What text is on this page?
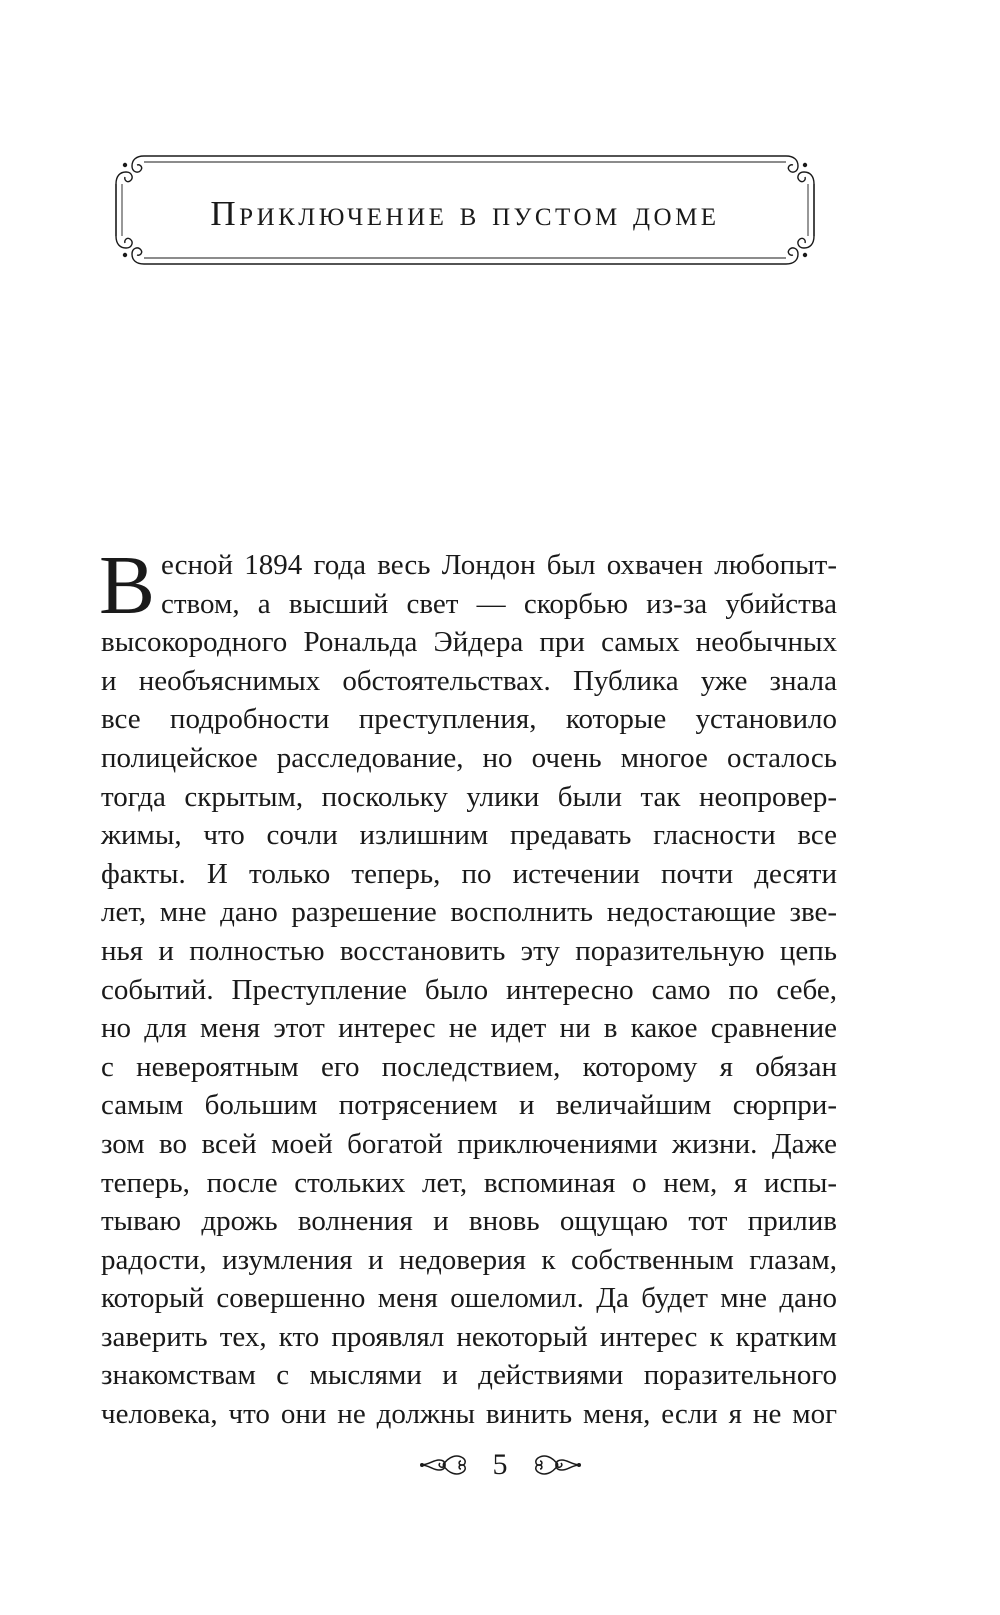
Приключение в пустом доме
В есной 1894 года весь Лондон был охвачен любопыт-
ством, а высший свет — скорбью из-за убийства
высокородного Рональда Эйдера при самых необычных
и необъяснимых обстоятельствах. Публика уже знала
все подробности преступления, которые установило
полицейское расследование, но очень многое осталось
тогда скрытым, поскольку улики были так неопровер-
жимы, что сочли излишним предавать гласности все
факты. И только теперь, по истечении почти десяти
лет, мне дано разрешение восполнить недостающие зве-
нья и полностью восстановить эту поразительную цепь
событий. Преступление было интересно само по себе,
но для меня этот интерес не идет ни в какое сравнение
с невероятным его последствием, которому я обязан
самым большим потрясением и величайшим сюрпри-
зом во всей моей богатой приключениями жизни. Даже
теперь, после стольких лет, вспоминая о нем, я испы-
тываю дрожь волнения и вновь ощущаю тот прилив
радости, изумления и недоверия к собственным глазам,
который совершенно меня ошеломил. Да будет мне дано
заверить тех, кто проявлял некоторый интерес к кратким
знакомствам с мыслями и действиями поразительного
человека, что они не должны винить меня, если я не мог
5
